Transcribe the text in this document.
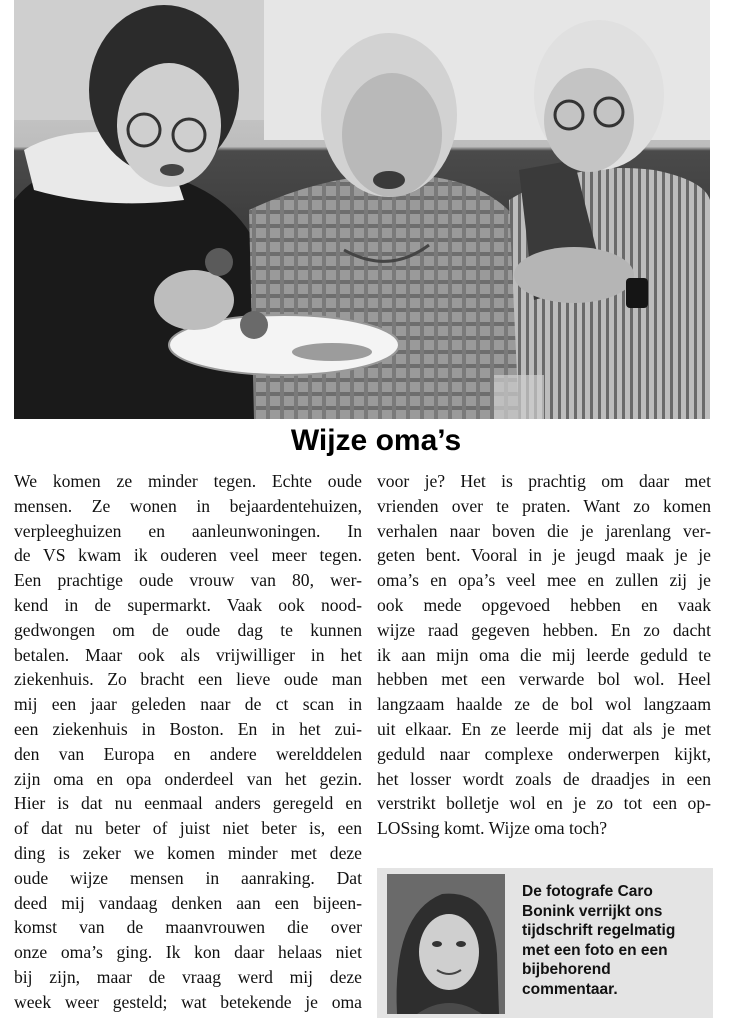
Wijze oma’s
We komen ze minder tegen. Echte oude
mensen. Ze wonen in bejaardentehuizen,
verpleeghuizen en aanleunwoningen. In
de VS kwam ik ouderen veel meer tegen.
Een prachtige oude vrouw van 80, wer-
kend in de supermarkt. Vaak ook nood-
gedwongen om de oude dag te kunnen
betalen. Maar ook als vrijwilliger in het
ziekenhuis. Zo bracht een lieve oude man
mij een jaar geleden naar de ct scan in
een ziekenhuis in Boston. En in het zui-
den van Europa en andere werelddelen
zijn oma en opa onderdeel van het gezin.
Hier is dat nu eenmaal anders geregeld en
of dat nu beter of juist niet beter is, een
ding is zeker we komen minder met deze
oude wijze mensen in aanraking. Dat
deed mij vandaag denken aan een bijeen-
komst van de maanvrouwen die over
onze oma’s ging. Ik kon daar helaas niet
bij zijn, maar de vraag werd mij deze
week weer gesteld; wat betekende je oma
voor je? Het is prachtig om daar met
vrienden over te praten. Want zo komen
verhalen naar boven die je jarenlang ver-
geten bent. Vooral in je jeugd maak je je
oma’s en opa’s veel mee en zullen zij je
ook mede opgevoed hebben en vaak
wijze raad gegeven hebben. En zo dacht
ik aan mijn oma die mij leerde geduld te
hebben met een verwarde bol wol. Heel
langzaam haalde ze de bol wol langzaam
uit elkaar. En ze leerde mij dat als je met
geduld naar complexe onderwerpen kijkt,
het losser wordt zoals de draadjes in een
verstrikt bolletje wol en je zo tot een op-
LOSsing komt. Wijze oma toch?
De fotografe Caro
Bonink verrijkt ons
tijdschrift regelmatig
met een foto en een
bijbehorend
commentaar.
